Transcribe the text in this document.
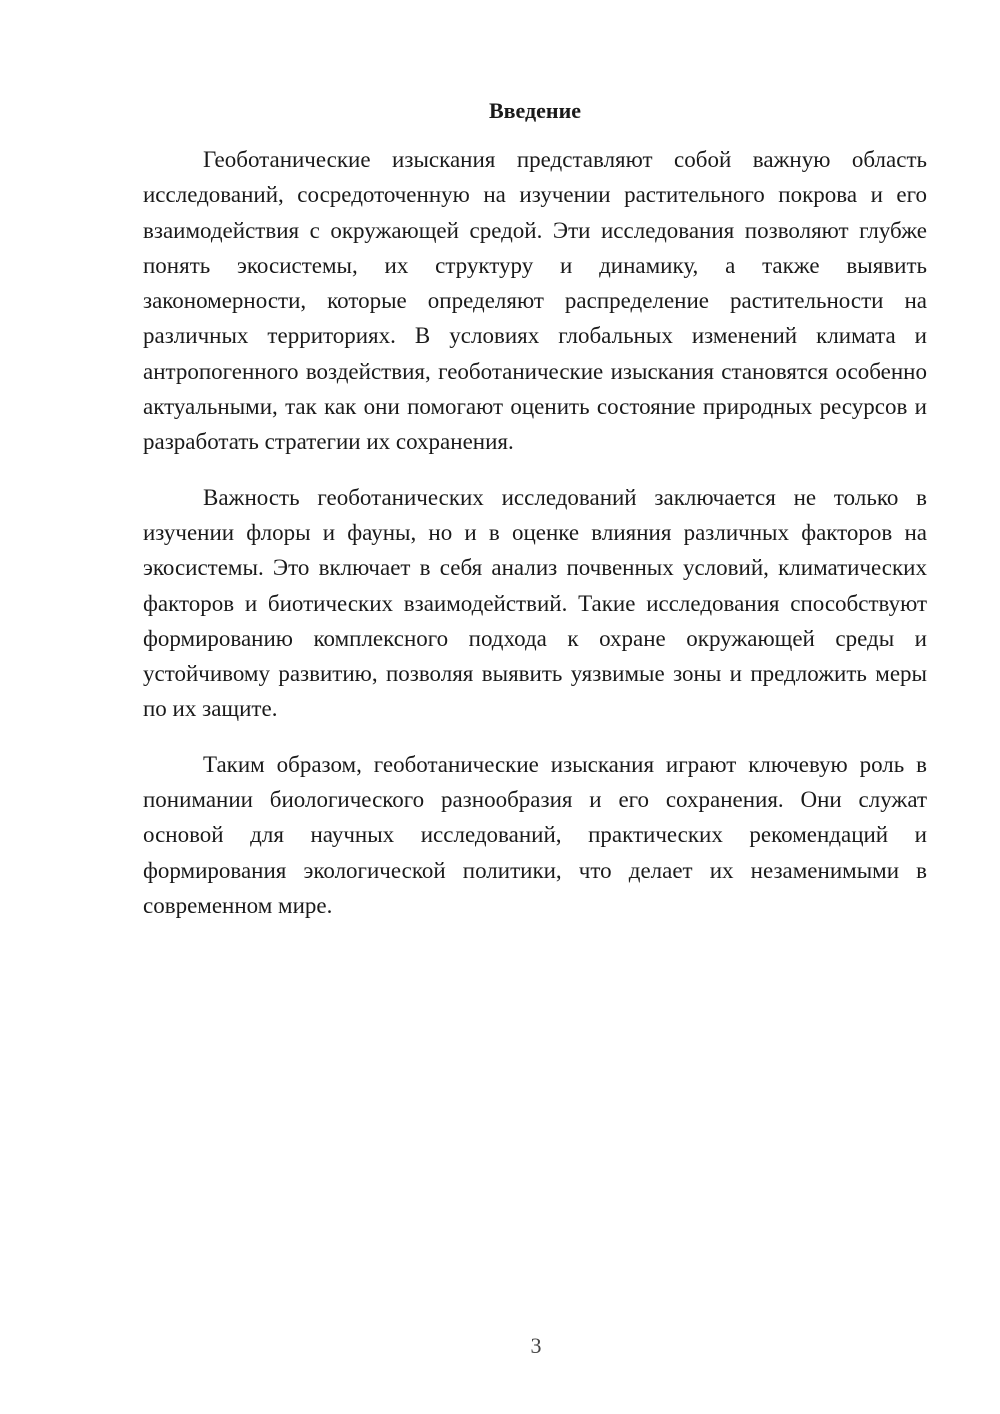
Введение

Геоботанические изыскания представляют собой важную область исследований, сосредоточенную на изучении растительного покрова и его взаимодействия с окружающей средой. Эти исследования позволяют глубже понять экосистемы, их структуру и динамику, а также выявить закономерности, которые определяют распределение растительности на различных территориях. В условиях глобальных изменений климата и антропогенного воздействия, геоботанические изыскания становятся особенно актуальными, так как они помогают оценить состояние природных ресурсов и разработать стратегии их сохранения.

Важность геоботанических исследований заключается не только в изучении флоры и фауны, но и в оценке влияния различных факторов на экосистемы. Это включает в себя анализ почвенных условий, климатических факторов и биотических взаимодействий. Такие исследования способствуют формированию комплексного подхода к охране окружающей среды и устойчивому развитию, позволяя выявить уязвимые зоны и предложить меры по их защите.

Таким образом, геоботанические изыскания играют ключевую роль в понимании биологического разнообразия и его сохранения. Они служат основой для научных исследований, практических рекомендаций и формирования экологической политики, что делает их незаменимыми в современном мире.

3
